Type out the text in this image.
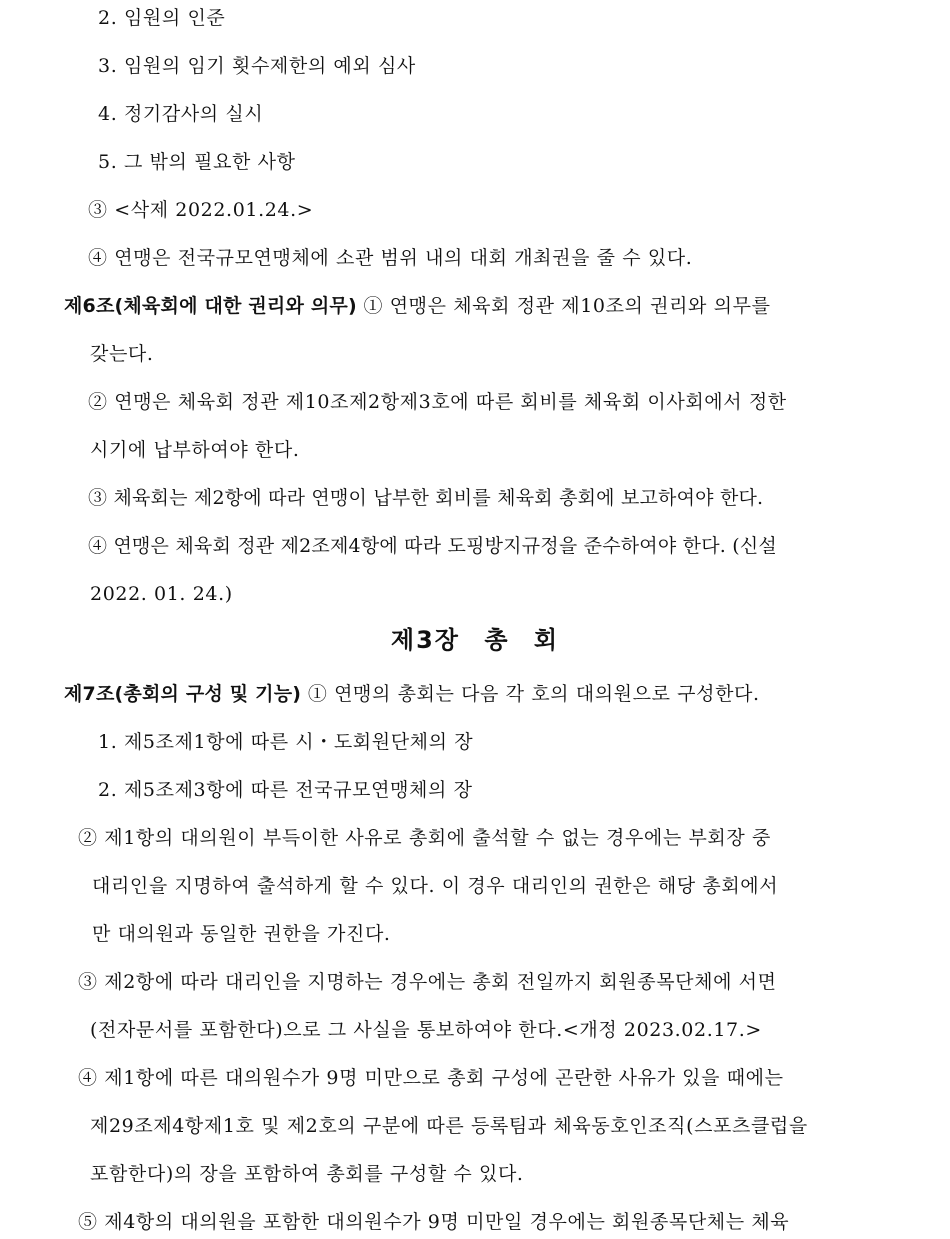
2. 임원의 인준
3. 임원의 임기 횟수제한의 예외 심사
4. 정기감사의 실시
5. 그 밖의 필요한 사항
③ <삭제 2022.01.24.>
④ 연맹은 전국규모연맹체에 소관 범위 내의 대회 개최권을 줄 수 있다.
제6조(체육회에 대한 권리와 의무) ① 연맹은 체육회 정관 제10조의 권리와 의무를
갖는다.
② 연맹은 체육회 정관 제10조제2항제3호에 따른 회비를 체육회 이사회에서 정한
시기에 납부하여야 한다.
③ 체육회는 제2항에 따라 연맹이 납부한 회비를 체육회 총회에 보고하여야 한다.
④ 연맹은 체육회 정관 제2조제4항에 따라 도핑방지규정을 준수하여야 한다. (신설
2022. 01. 24.)
제3장 총 회
제7조(총회의 구성 및 기능) ① 연맹의 총회는 다음 각 호의 대의원으로 구성한다.
1. 제5조제1항에 따른 시・도회원단체의 장
2. 제5조제3항에 따른 전국규모연맹체의 장
② 제1항의 대의원이 부득이한 사유로 총회에 출석할 수 없는 경우에는 부회장 중
대리인을 지명하여 출석하게 할 수 있다. 이 경우 대리인의 권한은 해당 총회에서
만 대의원과 동일한 권한을 가진다.
③ 제2항에 따라 대리인을 지명하는 경우에는 총회 전일까지 회원종목단체에 서면
(전자문서를 포함한다)으로 그 사실을 통보하여야 한다.<개정 2023.02.17.>
④ 제1항에 따른 대의원수가 9명 미만으로 총회 구성에 곤란한 사유가 있을 때에는
제29조제4항제1호 및 제2호의 구분에 따른 등록팀과 체육동호인조직(스포츠클럽을
포함한다)의 장을 포함하여 총회를 구성할 수 있다.
⑤ 제4항의 대의원을 포함한 대의원수가 9명 미만일 경우에는 회원종목단체는 체육
